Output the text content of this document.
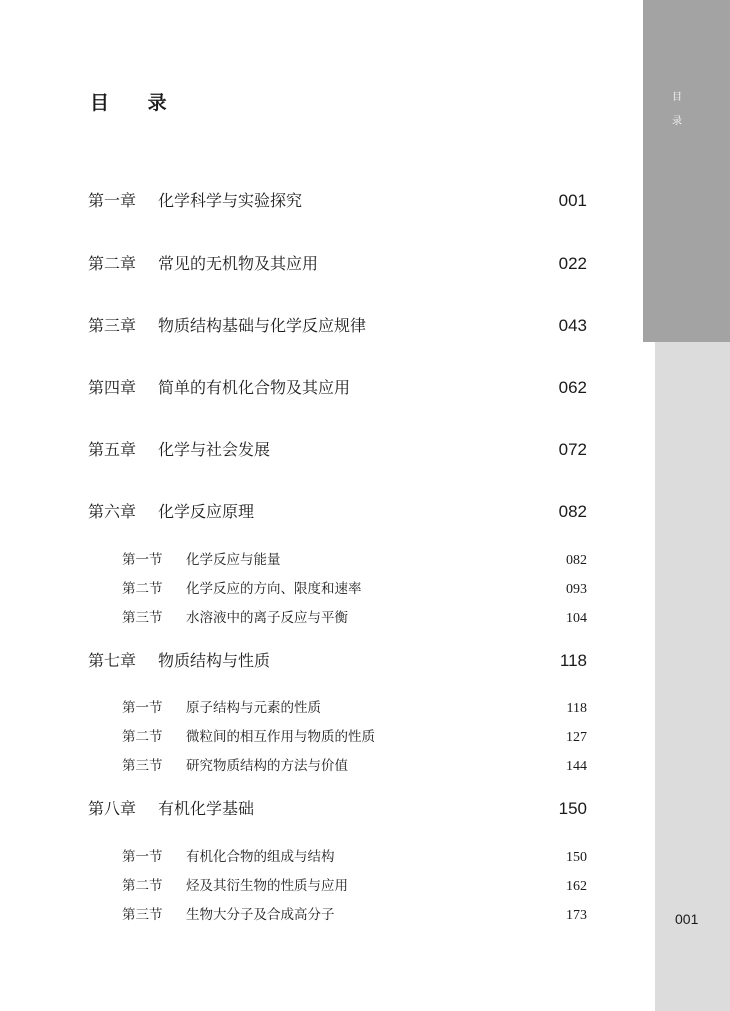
目
录
001
目 录
第一章	化学科学与实验探究	001
第二章	常见的无机物及其应用	022
第三章	物质结构基础与化学反应规律	043
第四章	简单的有机化合物及其应用	062
第五章	化学与社会发展	072
第六章	化学反应原理	082
第一节	化学反应与能量	082
第二节	化学反应的方向、限度和速率	093
第三节	水溶液中的离子反应与平衡	104
第七章	物质结构与性质	118
第一节	原子结构与元素的性质	118
第二节	微粒间的相互作用与物质的性质	127
第三节	研究物质结构的方法与价值	144
第八章	有机化学基础	150
第一节	有机化合物的组成与结构	150
第二节	烃及其衍生物的性质与应用	162
第三节	生物大分子及合成高分子	173
